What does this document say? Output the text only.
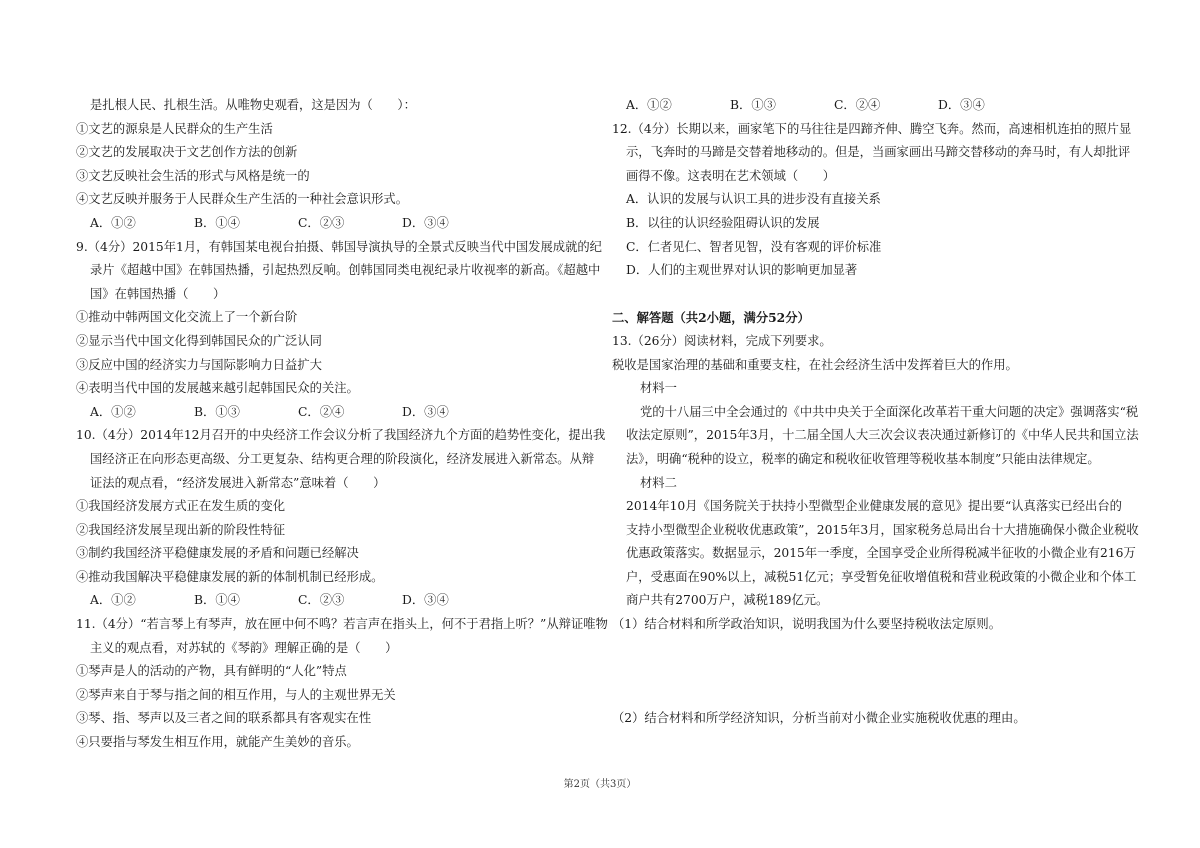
是扎根人民、扎根生活。从唯物史观看，这是因为（　　）：
①文艺的源泉是人民群众的生产生活
②文艺的发展取决于文艺创作方法的创新
③文艺反映社会生活的形式与风格是统一的
④文艺反映并服务于人民群众生产生活的一种社会意识形式。
A．①②	B．①④	C．②③	D．③④
9.（4分）2015年1月，有韩国某电视台拍摄、韩国导演执导的全景式反映当代中国发展成就的纪
录片《超越中国》在韩国热播，引起热烈反响。创韩国同类电视纪录片收视率的新高。《超越中
国》在韩国热播（　　）
①推动中韩两国文化交流上了一个新台阶
②显示当代中国文化得到韩国民众的广泛认同
③反应中国的经济实力与国际影响力日益扩大
④表明当代中国的发展越来越引起韩国民众的关注。
A．①②	B．①③	C．②④	D．③④
10.（4分）2014年12月召开的中央经济工作会议分析了我国经济九个方面的趋势性变化，提出我
国经济正在向形态更高级、分工更复杂、结构更合理的阶段演化，经济发展进入新常态。从辩
证法的观点看，“经济发展进入新常态”意味着（　　）
①我国经济发展方式正在发生质的变化
②我国经济发展呈现出新的阶段性特征
③制约我国经济平稳健康发展的矛盾和问题已经解决
④推动我国解决平稳健康发展的新的体制机制已经形成。
A．①②	B．①④	C．②③	D．③④
11.（4分）“若言琴上有琴声，放在匣中何不鸣？若言声在指头上，何不于君指上听？”从辩证唯物
主义的观点看，对苏轼的《琴韵》理解正确的是（　　）
①琴声是人的活动的产物，具有鲜明的“人化”特点
②琴声来自于琴与指之间的相互作用，与人的主观世界无关
③琴、指、琴声以及三者之间的联系都具有客观实在性
④只要指与琴发生相互作用，就能产生美妙的音乐。
A．①②	B．①③	C．②④	D．③④
12.（4分）长期以来，画家笔下的马往往是四蹄齐伸、腾空飞奔。然而，高速相机连拍的照片显
示，飞奔时的马蹄是交替着地移动的。但是，当画家画出马蹄交替移动的奔马时，有人却批评
画得不像。这表明在艺术领域（　　）
A．认识的发展与认识工具的进步没有直接关系
B．以往的认识经验阻碍认识的发展
C．仁者见仁、智者见智，没有客观的评价标准
D．人们的主观世界对认识的影响更加显著
二、解答题（共2小题，满分52分）
13.（26分）阅读材料，完成下列要求。
税收是国家治理的基础和重要支柱，在社会经济生活中发挥着巨大的作用。
材料一
党的十八届三中全会通过的《中共中央关于全面深化改革若干重大问题的决定》强调落实“税
收法定原则”，2015年3月，十二届全国人大三次会议表决通过新修订的《中华人民共和国立法
法》，明确“税种的设立，税率的确定和税收征收管理等税收基本制度”只能由法律规定。
材料二
2014年10月《国务院关于扶持小型微型企业健康发展的意见》提出要“认真落实已经出台的
支持小型微型企业税收优惠政策”，2015年3月，国家税务总局出台十大措施确保小微企业税收
优惠政策落实。数据显示，2015年一季度，全国享受企业所得税减半征收的小微企业有216万
户，受惠面在90%以上，减税51亿元；享受暂免征收增值税和营业税政策的小微企业和个体工
商户共有2700万户，减税189亿元。
（1）结合材料和所学政治知识，说明我国为什么要坚持税收法定原则。
（2）结合材料和所学经济知识，分析当前对小微企业实施税收优惠的理由。
第2页（共3页）
